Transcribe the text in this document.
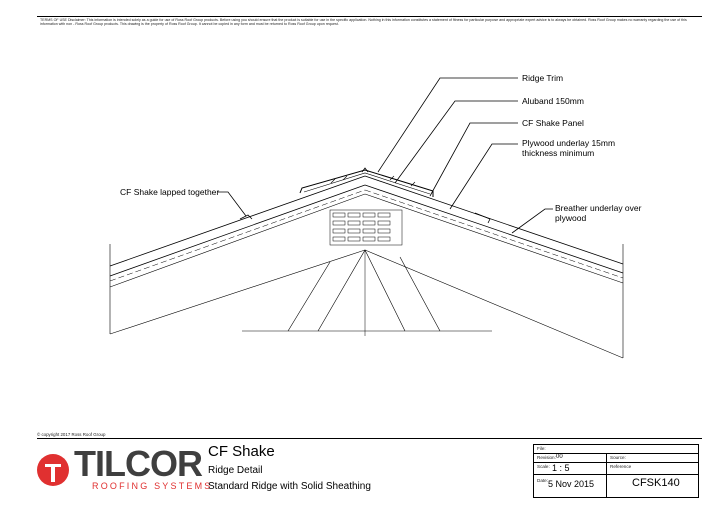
TERMS OF USE Disclaimer: This information is intended solely as a guide for use of Ross Roof Group products. Before using you should ensure that the product is suitable for use in the specific application. Nothing in this information constitutes a statement of fitness for particular purpose and appropriate expert advice is to always be obtained. Ross Roof Group makes no warranty regarding the use of this information with non - Ross Roof Group products. This drawing is the property of Ross Roof Group. It cannot be copied in any form and must be returned to Ross Roof Group upon request.
Ridge Trim
Aluband 150mm
CF Shake Panel
Plywood underlay 15mm thickness minimum
Breather underlay over plywood
CF Shake lapped together
© copyright 2017 Ross Roof Group
TILCOR
ROOFING SYSTEMS
CF Shake
Ridge Detail
Standard Ridge with Solid Sheathing
File:
Revision: 00	Source:
Scale: 1 : 5	Reference
Date: 5 Nov 2015	CFSK140
